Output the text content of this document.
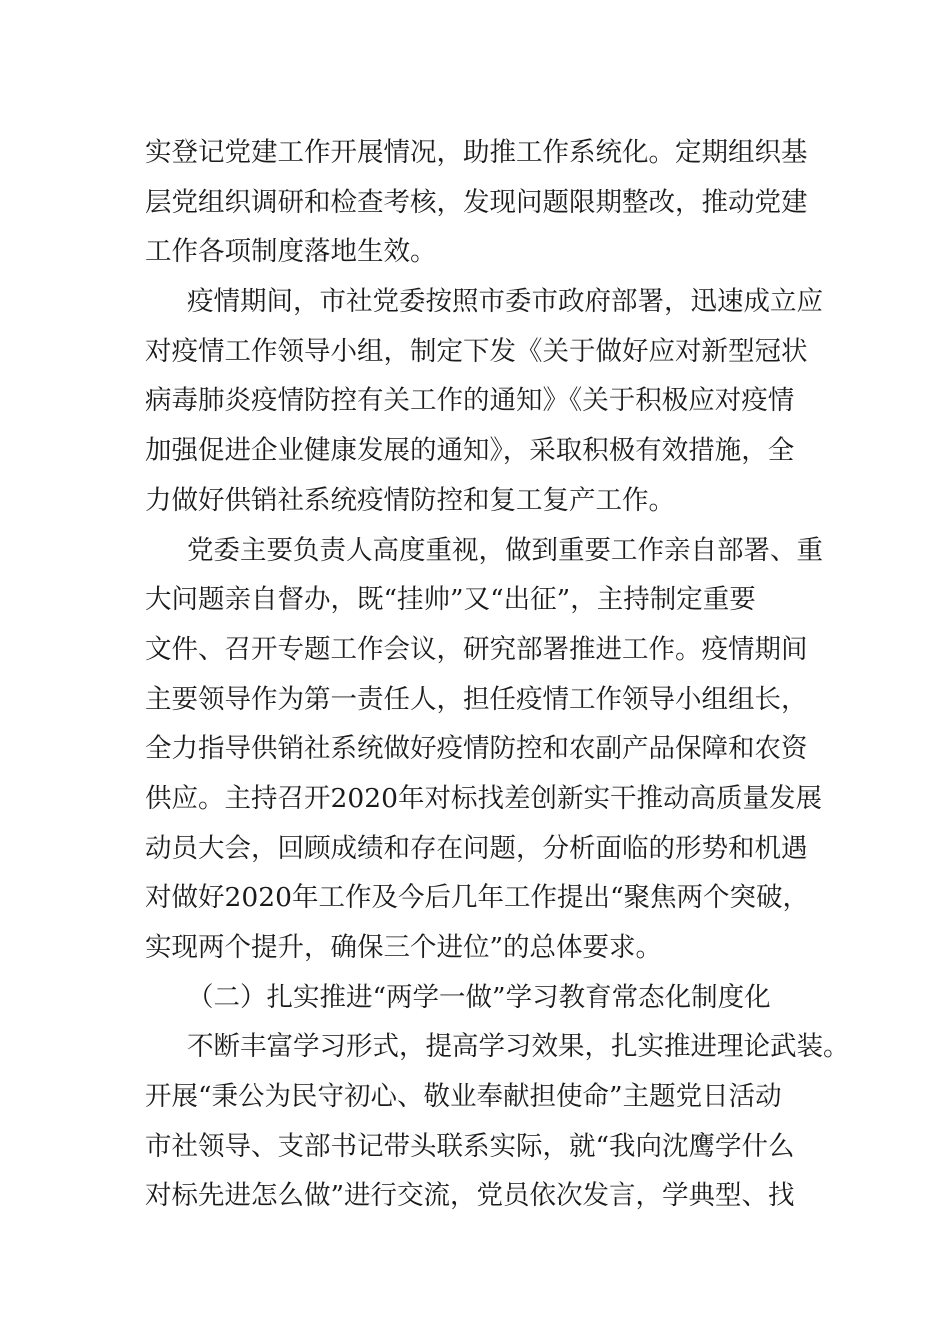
实登记党建工作开展情况，助推工作系统化。定期组织基
层党组织调研和检查考核，发现问题限期整改，推动党建
工作各项制度落地生效。
疫情期间，市社党委按照市委市政府部署，迅速成立应
对疫情工作领导小组，制定下发《关于做好应对新型冠状
病毒肺炎疫情防控有关工作的通知》《关于积极应对疫情
加强促进企业健康发展的通知》，采取积极有效措施，全
力做好供销社系统疫情防控和复工复产工作。
党委主要负责人高度重视，做到重要工作亲自部署、重
大问题亲自督办，既“挂帅”又“出征”，主持制定重要
文件、召开专题工作会议，研究部署推进工作。疫情期间
主要领导作为第一责任人，担任疫情工作领导小组组长，
全力指导供销社系统做好疫情防控和农副产品保障和农资
供应。主持召开2020年对标找差创新实干推动高质量发展
动员大会，回顾成绩和存在问题，分析面临的形势和机遇
对做好2020年工作及今后几年工作提出“聚焦两个突破，
实现两个提升，确保三个进位”的总体要求。
（二）扎实推进“两学一做”学习教育常态化制度化
不断丰富学习形式，提高学习效果，扎实推进理论武装。
开展“秉公为民守初心、敬业奉献担使命”主题党日活动
市社领导、支部书记带头联系实际，就“我向沈鹰学什么
对标先进怎么做”进行交流，党员依次发言，学典型、找
